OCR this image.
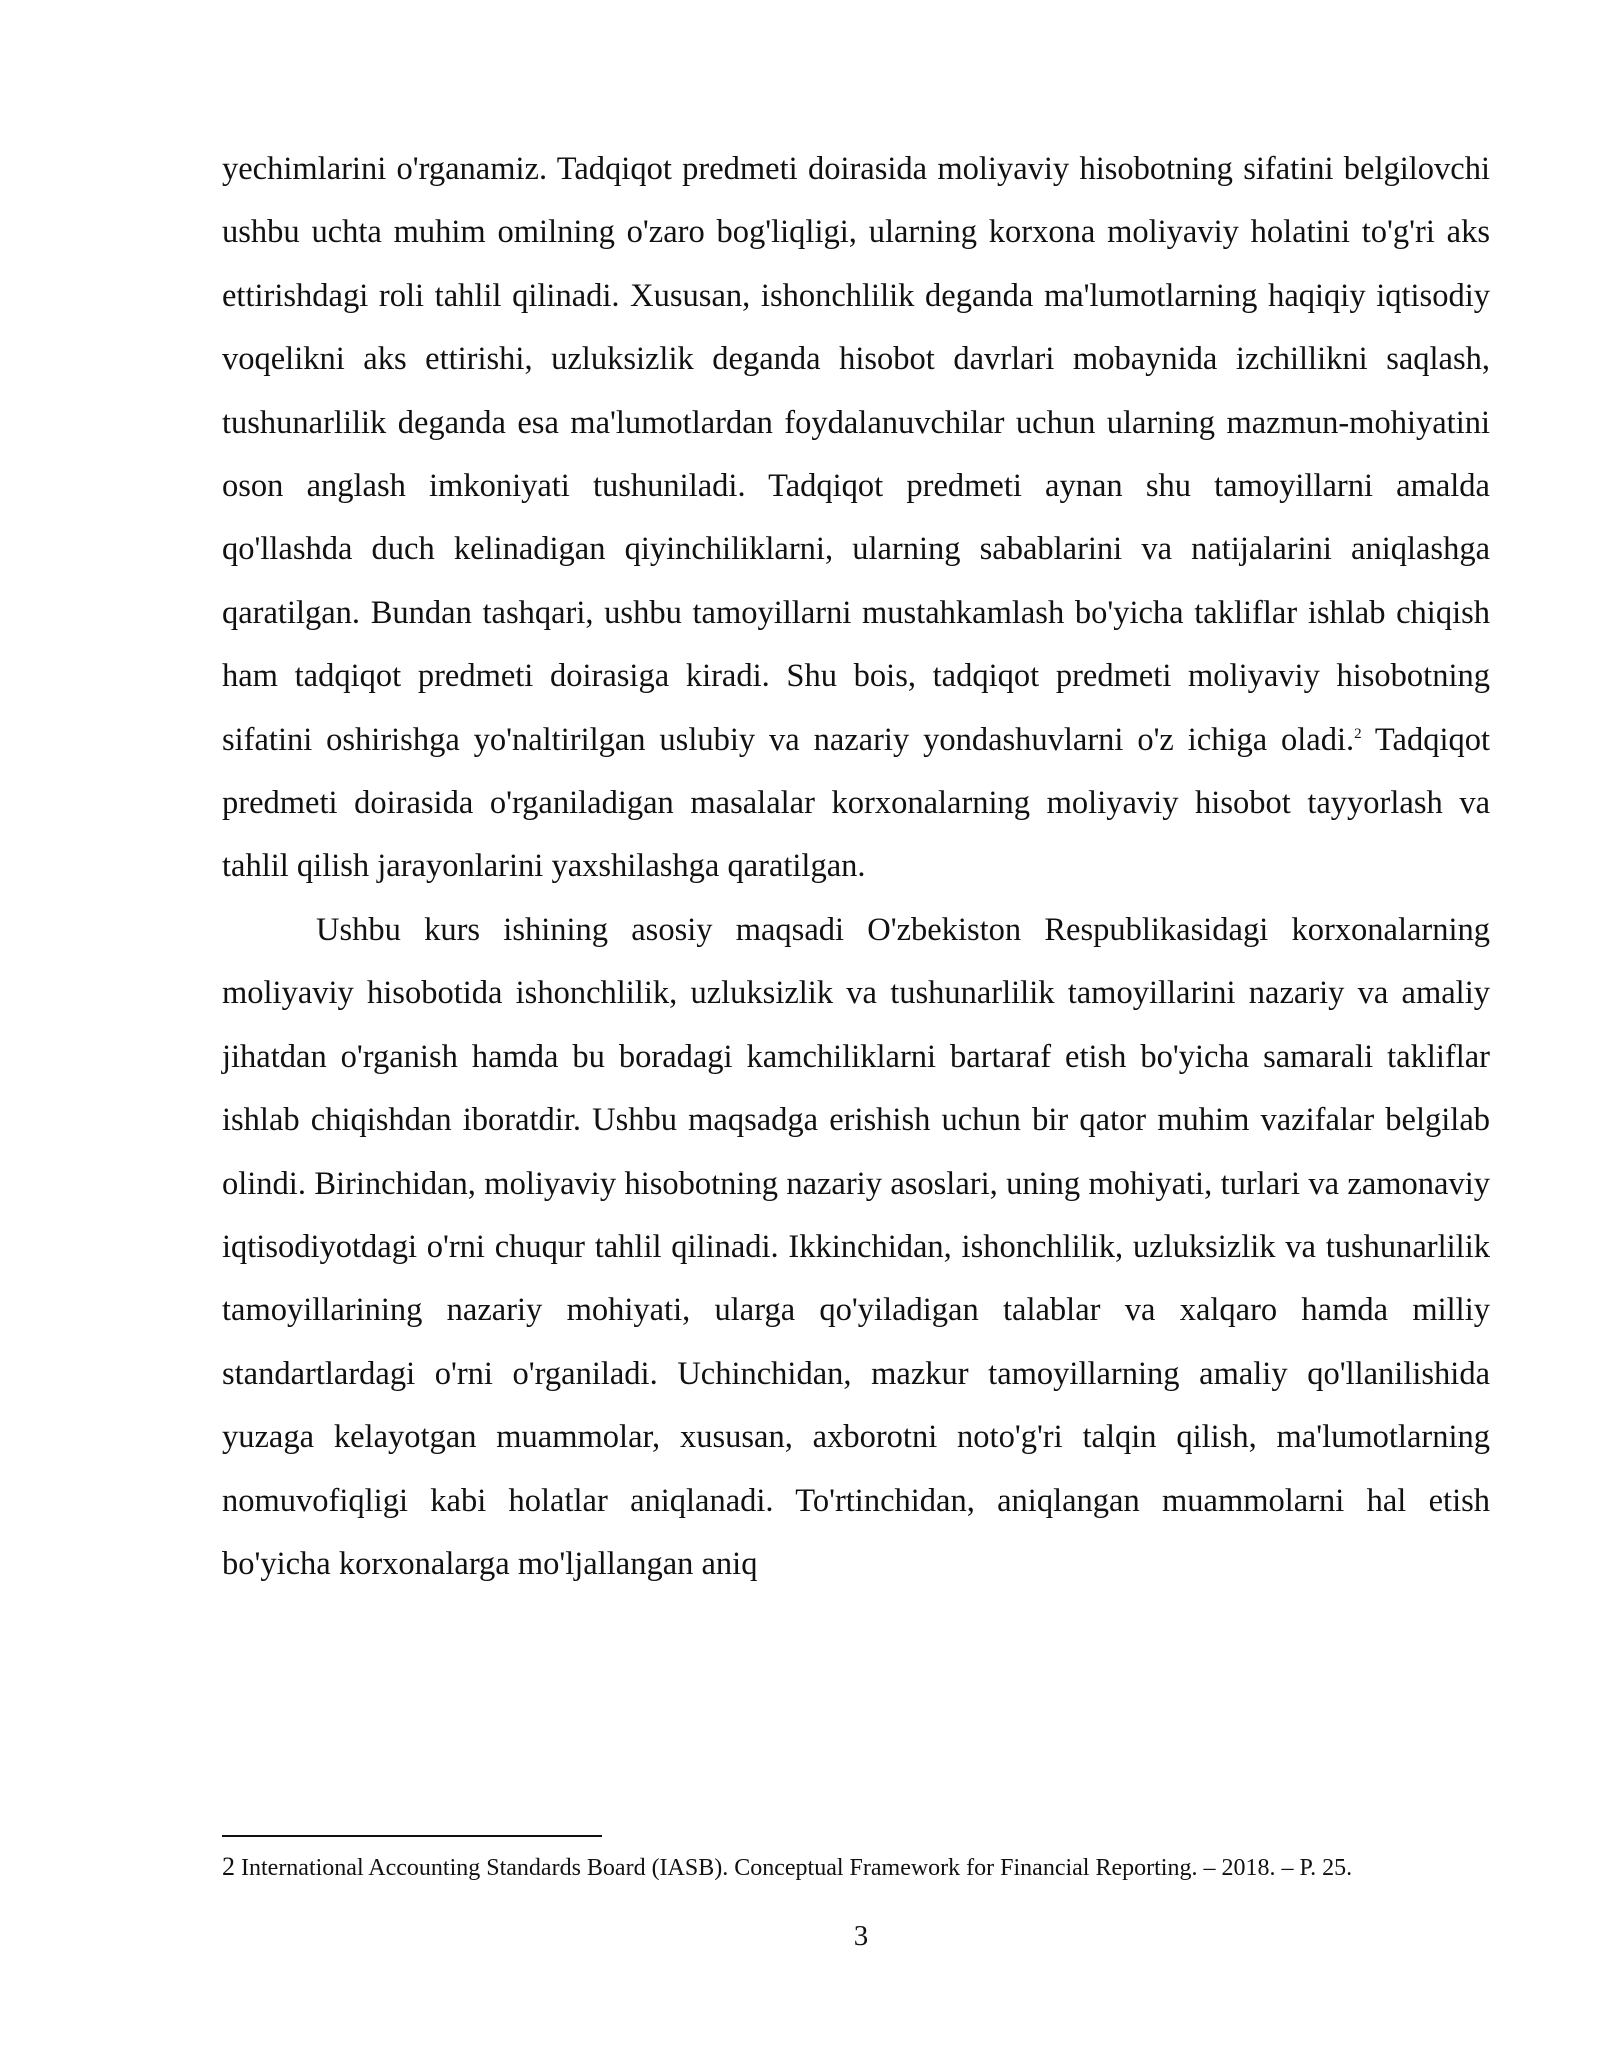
yechimlarini o'rganamiz. Tadqiqot predmeti doirasida moliyaviy hisobotning sifatini belgilovchi ushbu uchta muhim omilning o'zaro bog'liqligi, ularning korxona moliyaviy holatini to'g'ri aks ettirishdagi roli tahlil qilinadi. Xususan, ishonchlilik deganda ma'lumotlarning haqiqiy iqtisodiy voqelikni aks ettirishi, uzluksizlik deganda hisobot davrlari mobaynida izchillikni saqlash, tushunarlilik deganda esa ma'lumotlardan foydalanuvchilar uchun ularning mazmun-mohiyatini oson anglash imkoniyati tushuniladi. Tadqiqot predmeti aynan shu tamoyillarni amalda qo'llashda duch kelinadigan qiyinchiliklarni, ularning sabablarini va natijalarini aniqlashga qaratilgan. Bundan tashqari, ushbu tamoyillarni mustahkamlash bo'yicha takliflar ishlab chiqish ham tadqiqot predmeti doirasiga kiradi. Shu bois, tadqiqot predmeti moliyaviy hisobotning sifatini oshirishga yo'naltirilgan uslubiy va nazariy yondashuvlarni o'z ichiga oladi.$^2$ Tadqiqot predmeti doirasida o'rganiladigan masalalar korxonalarning moliyaviy hisobot tayyorlash va tahlil qilish jarayonlarini yaxshilashga qaratilgan.

Ushbu kurs ishining asosiy maqsadi O'zbekiston Respublikasidagi korxonalarning moliyaviy hisobotida ishonchlilik, uzluksizlik va tushunarlilik tamoyillarini nazariy va amaliy jihatdan o'rganish hamda bu boradagi kamchiliklarni bartaraf etish bo'yicha samarali takliflar ishlab chiqishdan iboratdir. Ushbu maqsadga erishish uchun bir qator muhim vazifalar belgilab olindi. Birinchidan, moliyaviy hisobotning nazariy asoslari, uning mohiyati, turlari va zamonaviy iqtisodiyotdagi o'rni chuqur tahlil qilinadi. Ikkinchidan, ishonchlilik, uzluksizlik va tushunarlilik tamoyillarining nazariy mohiyati, ularga qo'yiladigan talablar va xalqaro hamda milliy standartlardagi o'rni o'rganiladi. Uchinchidan, mazkur tamoyillarning amaliy qo'llanilishida yuzaga kelayotgan muammolar, xususan, axborotni noto'g'ri talqin qilish, ma'lumotlarning nomuvofiqligi kabi holatlar aniqlanadi. To'rtinchidan, aniqlangan muammolarni hal etish bo'yicha korxonalarga mo'ljallangan aniq

2 International Accounting Standards Board (IASB). Conceptual Framework for Financial Reporting. – 2018. – P. 25.
3
